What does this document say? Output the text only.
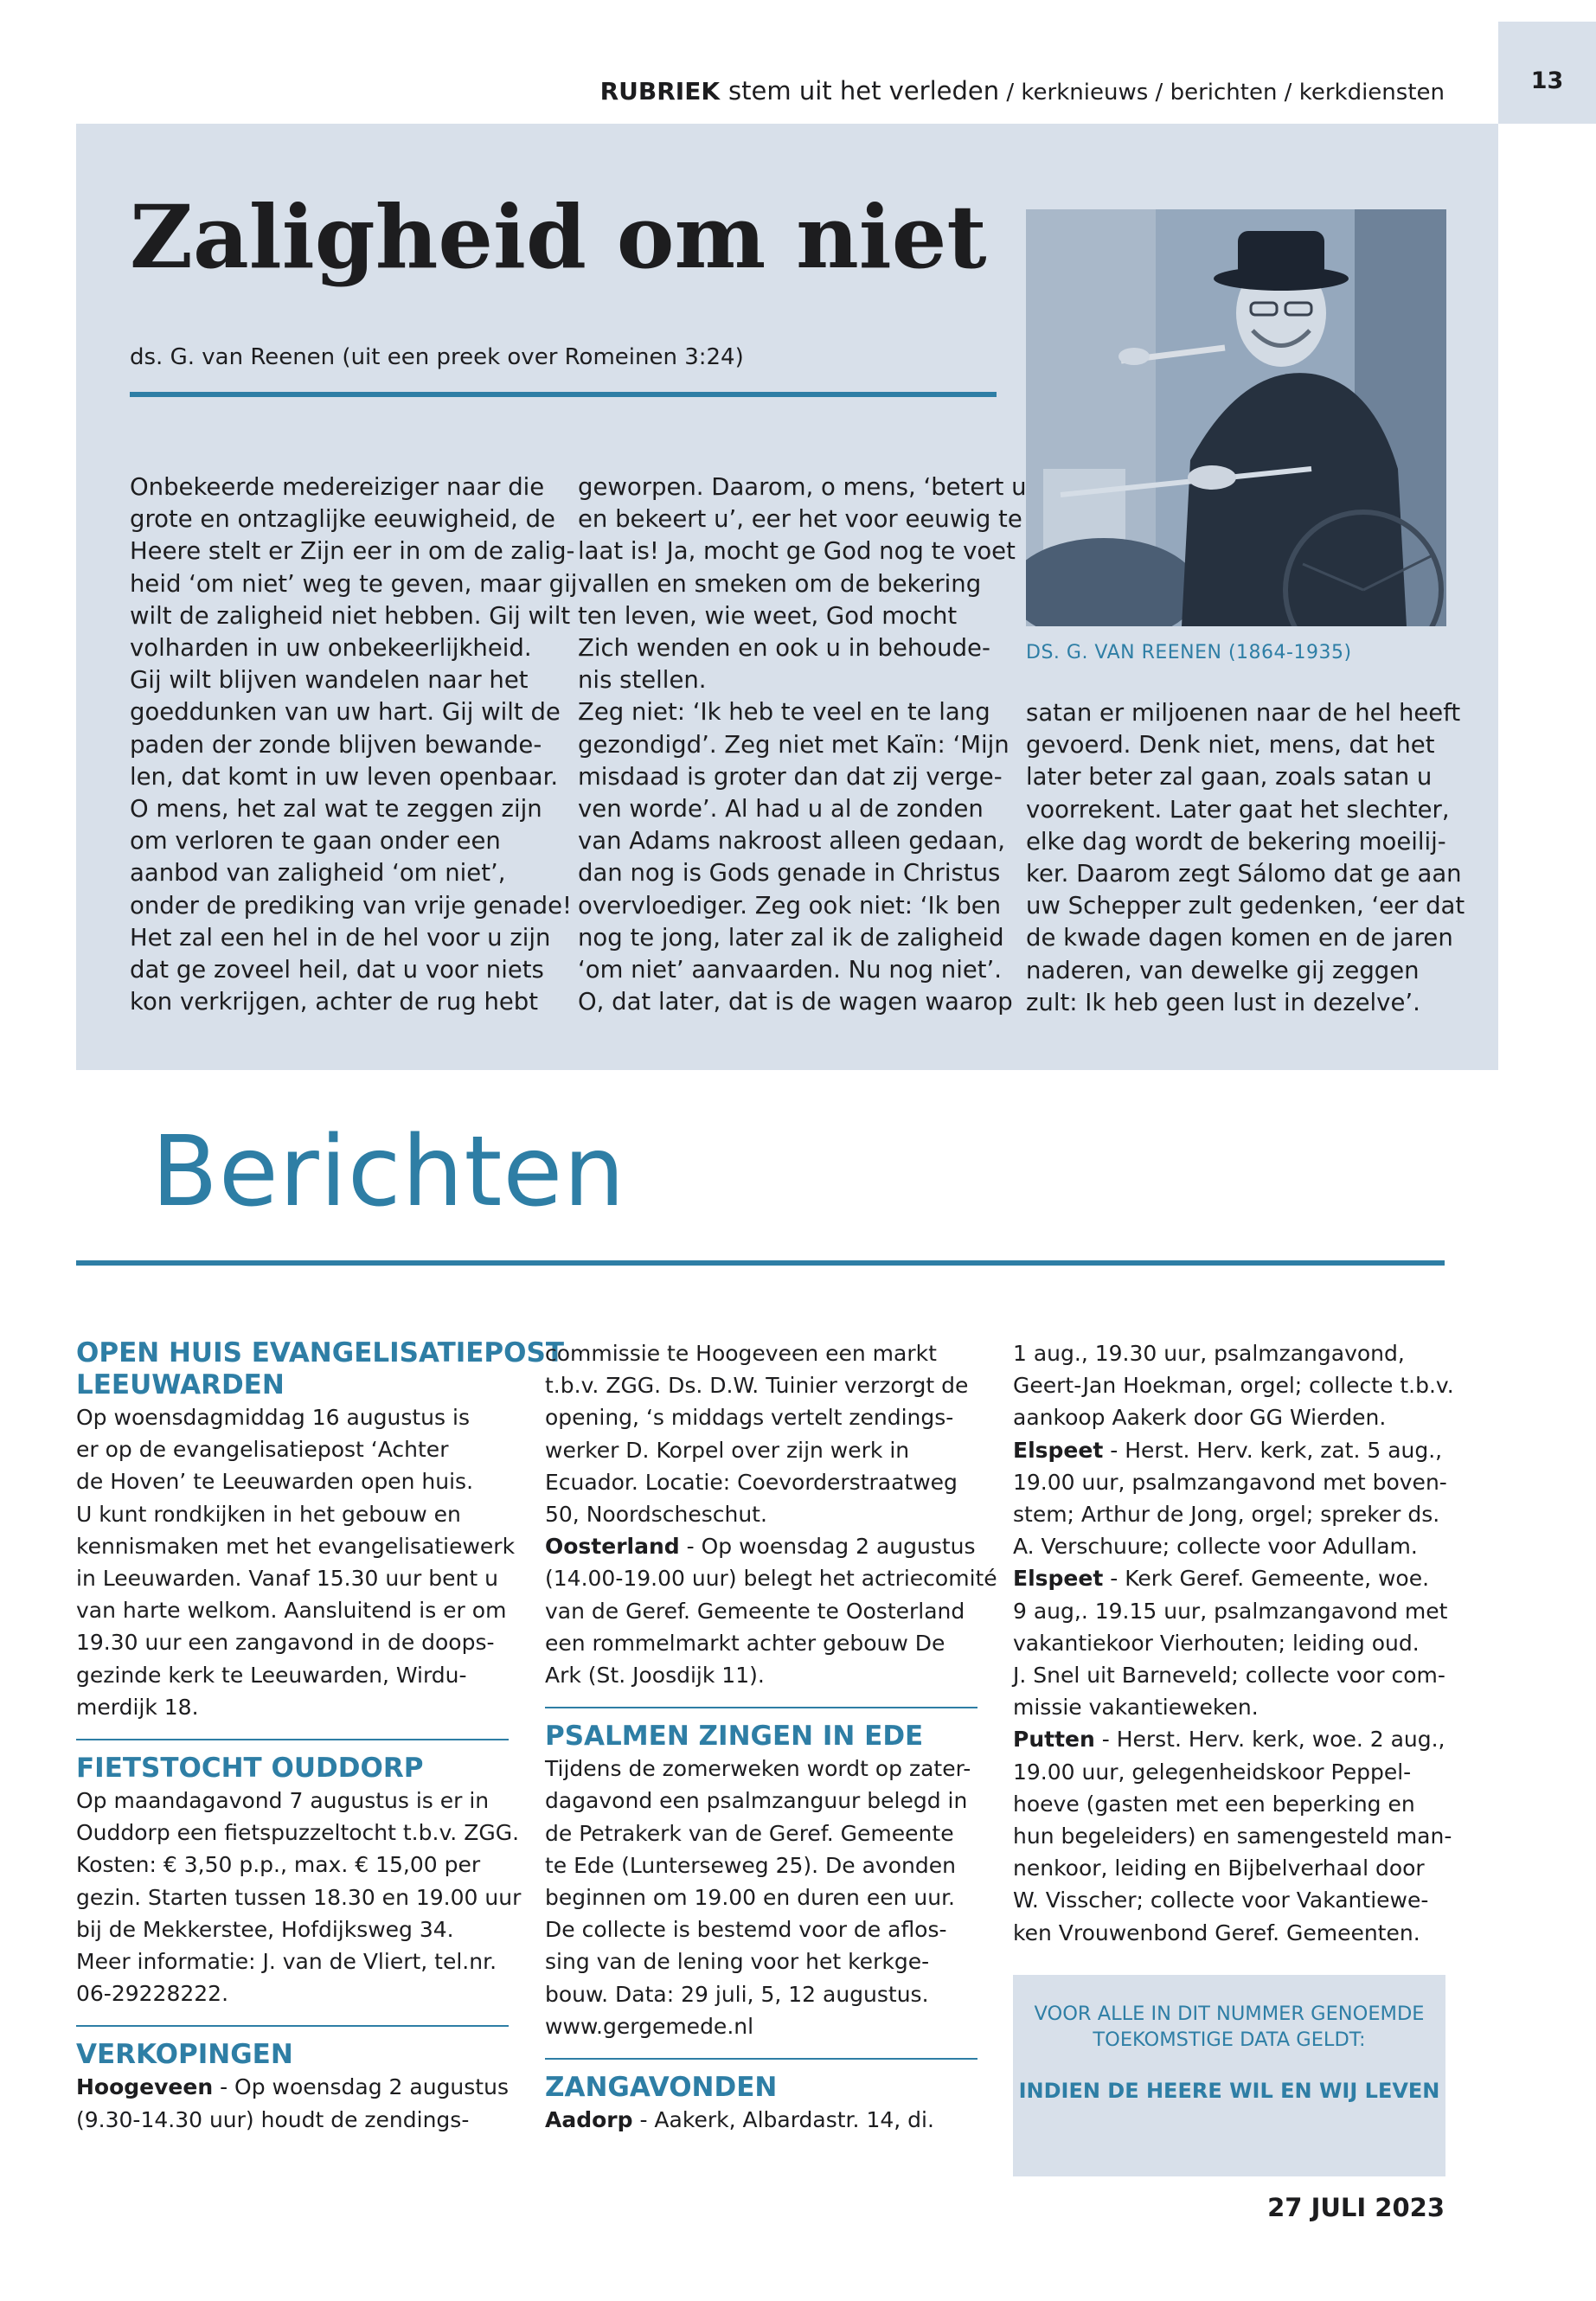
13
RUBRIEK stem uit het verleden / kerknieuws / berichten / kerkdiensten
Zaligheid om niet
ds. G. van Reenen (uit een preek over Romeinen 3:24)
DS. G. VAN REENEN (1864-1935)
Onbekeerde medereiziger naar die
grote en ontzaglijke eeuwigheid, de
Heere stelt er Zijn eer in om de zalig-
heid ‘om niet’ weg te geven, maar gij
wilt de zaligheid niet hebben. Gij wilt
volharden in uw onbekeerlijkheid.
Gij wilt blijven wandelen naar het
goeddunken van uw hart. Gij wilt de
paden der zonde blijven bewande-
len, dat komt in uw leven openbaar.
O mens, het zal wat te zeggen zijn
om verloren te gaan onder een
aanbod van zaligheid ‘om niet’,
onder de prediking van vrije genade!
Het zal een hel in de hel voor u zijn
dat ge zoveel heil, dat u voor niets
kon verkrijgen, achter de rug hebt
geworpen. Daarom, o mens, ‘betert u
en bekeert u’, eer het voor eeuwig te
laat is! Ja, mocht ge God nog te voet
vallen en smeken om de bekering
ten leven, wie weet, God mocht
Zich wenden en ook u in behoude-
nis stellen.
Zeg niet: ‘Ik heb te veel en te lang
gezondigd’. Zeg niet met Kaïn: ‘Mijn
misdaad is groter dan dat zij verge-
ven worde’. Al had u al de zonden
van Adams nakroost alleen gedaan,
dan nog is Gods genade in Christus
overvloediger. Zeg ook niet: ‘Ik ben
nog te jong, later zal ik de zaligheid
‘om niet’ aanvaarden. Nu nog niet’.
O, dat later, dat is de wagen waarop
satan er miljoenen naar de hel heeft
gevoerd. Denk niet, mens, dat het
later beter zal gaan, zoals satan u
voorrekent. Later gaat het slechter,
elke dag wordt de bekering moeilij-
ker. Daarom zegt Sálomo dat ge aan
uw Schepper zult gedenken, ‘eer dat
de kwade dagen komen en de jaren
naderen, van dewelke gij zeggen
zult: Ik heb geen lust in dezelve’.
Berichten
OPEN HUIS EVANGELISATIEPOST
LEEUWARDEN
Op woensdagmiddag 16 augustus is
er op de evangelisatiepost ‘Achter
de Hoven’ te Leeuwarden open huis.
U kunt rondkijken in het gebouw en
kennismaken met het evangelisatiewerk
in Leeuwarden. Vanaf 15.30 uur bent u
van harte welkom. Aansluitend is er om
19.30 uur een zangavond in de doops-
gezinde kerk te Leeuwarden, Wirdu-
merdijk 18.
FIETSTOCHT OUDDORP
Op maandagavond 7 augustus is er in
Ouddorp een fietspuzzeltocht t.b.v. ZGG.
Kosten: € 3,50 p.p., max. € 15,00 per
gezin. Starten tussen 18.30 en 19.00 uur
bij de Mekkerstee, Hofdijksweg 34.
Meer informatie: J. van de Vliert, tel.nr.
06-29228222.
VERKOPINGEN
Hoogeveen - Op woensdag 2 augustus
(9.30-14.30 uur) houdt de zendings-
commissie te Hoogeveen een markt
t.b.v. ZGG. Ds. D.W. Tuinier verzorgt de
opening, ‘s middags vertelt zendings-
werker D. Korpel over zijn werk in
Ecuador. Locatie: Coevorderstraatweg
50, Noordscheschut.
Oosterland - Op woensdag 2 augustus
(14.00-19.00 uur) belegt het actriecomité
van de Geref. Gemeente te Oosterland
een rommelmarkt achter gebouw De
Ark (St. Joosdijk 11).
PSALMEN ZINGEN IN EDE
Tijdens de zomerweken wordt op zater-
dagavond een psalmzanguur belegd in
de Petrakerk van de Geref. Gemeente
te Ede (Lunterseweg 25). De avonden
beginnen om 19.00 en duren een uur.
De collecte is bestemd voor de aflos-
sing van de lening voor het kerkge-
bouw. Data: 29 juli, 5, 12 augustus.
www.gergemede.nl
ZANGAVONDEN
Aadorp - Aakerk, Albardastr. 14, di.
1 aug., 19.30 uur, psalmzangavond,
Geert-Jan Hoekman, orgel; collecte t.b.v.
aankoop Aakerk door GG Wierden.
Elspeet - Herst. Herv. kerk, zat. 5 aug.,
19.00 uur, psalmzangavond met boven-
stem; Arthur de Jong, orgel; spreker ds.
A. Verschuure; collecte voor Adullam.
Elspeet - Kerk Geref. Gemeente, woe.
9 aug,. 19.15 uur, psalmzangavond met
vakantiekoor Vierhouten; leiding oud.
J. Snel uit Barneveld; collecte voor com-
missie vakantieweken.
Putten - Herst. Herv. kerk, woe. 2 aug.,
19.00 uur, gelegenheidskoor Peppel-
hoeve (gasten met een beperking en
hun begeleiders) en samengesteld man-
nenkoor, leiding en Bijbelverhaal door
W. Visscher; collecte voor Vakantiewe-
ken Vrouwenbond Geref. Gemeenten.
VOOR ALLE IN DIT NUMMER GENOEMDE
TOEKOMSTIGE DATA GELDT:
INDIEN DE HEERE WIL EN WIJ LEVEN
27 JULI 2023
